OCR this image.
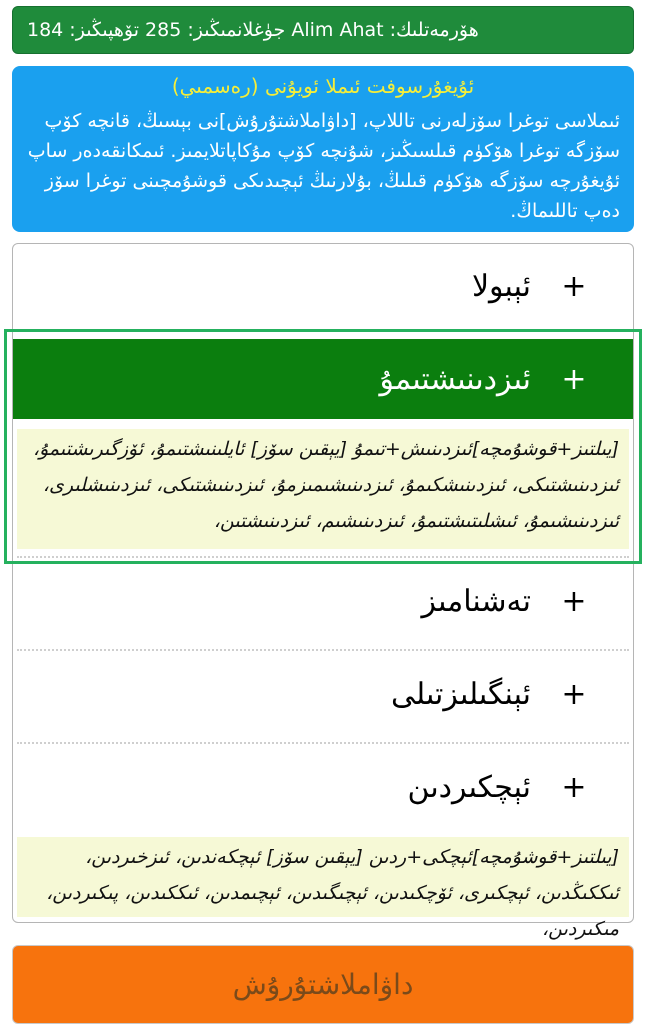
ھۆرمەتلىك: Alim Ahat جۈغلانمىڭىز: 285 تۆھپىڭىز: 184
ئۇيغۇرسوفت ئىملا ئويۇنى (رەسمىي)
ئىملاسى توغرا سۆزلەرنى تاللاپ، [داۋاملاشتۇرۇش]نى بېسىڭ، قانچە كۆپ سۆزگە توغرا ھۆكۈم قىلسىڭىز، شۇنچە كۆپ مۇكاپاتلايمىز. ئىمكانقەدەر ساپ ئۇيغۇرچە سۆزگە ھۆكۈم قىلىڭ، بۇلارنىڭ ئېچىدىكى قوشۇمچىنى توغرا سۆز دەپ تاللىماڭ.
+
ئېبولا
+
ئىزدىنىشتىمۇ
[يىلتىز+قوشۇمچە]ئىزدىنىش+تىمۇ [يېقىن سۆز] ئايلىنىشتىمۇ، ئۆزگىرىشتىمۇ، ئىزدىنىشتىكى، ئىزدىنىشكىمۇ، ئىزدىنىشىمىزمۇ، ئىزدىنىشتىكى، ئىزدىنىشلىرى، ئىزدىنىشىمۇ، ئىشلىتىشتىمۇ، ئىزدىنىشىم، ئىزدىنىشتىن،
+
تەشنامىز
+
ئېنگىلىزتىلى
+
ئېچكىردىن
[يىلتىز+قوشۇمچە]ئېچكى+ردىن [يېقىن سۆز] ئېچكەندىن، ئىزخىردىن، ئىككىڭدىن، ئېچكىرى، ئۆچكىدىن، ئېچىگىدىن، ئېچىمدىن، ئىككىدىن، پىكىردىن، مىكىردىن،
داۋاملاشتۇرۇش
